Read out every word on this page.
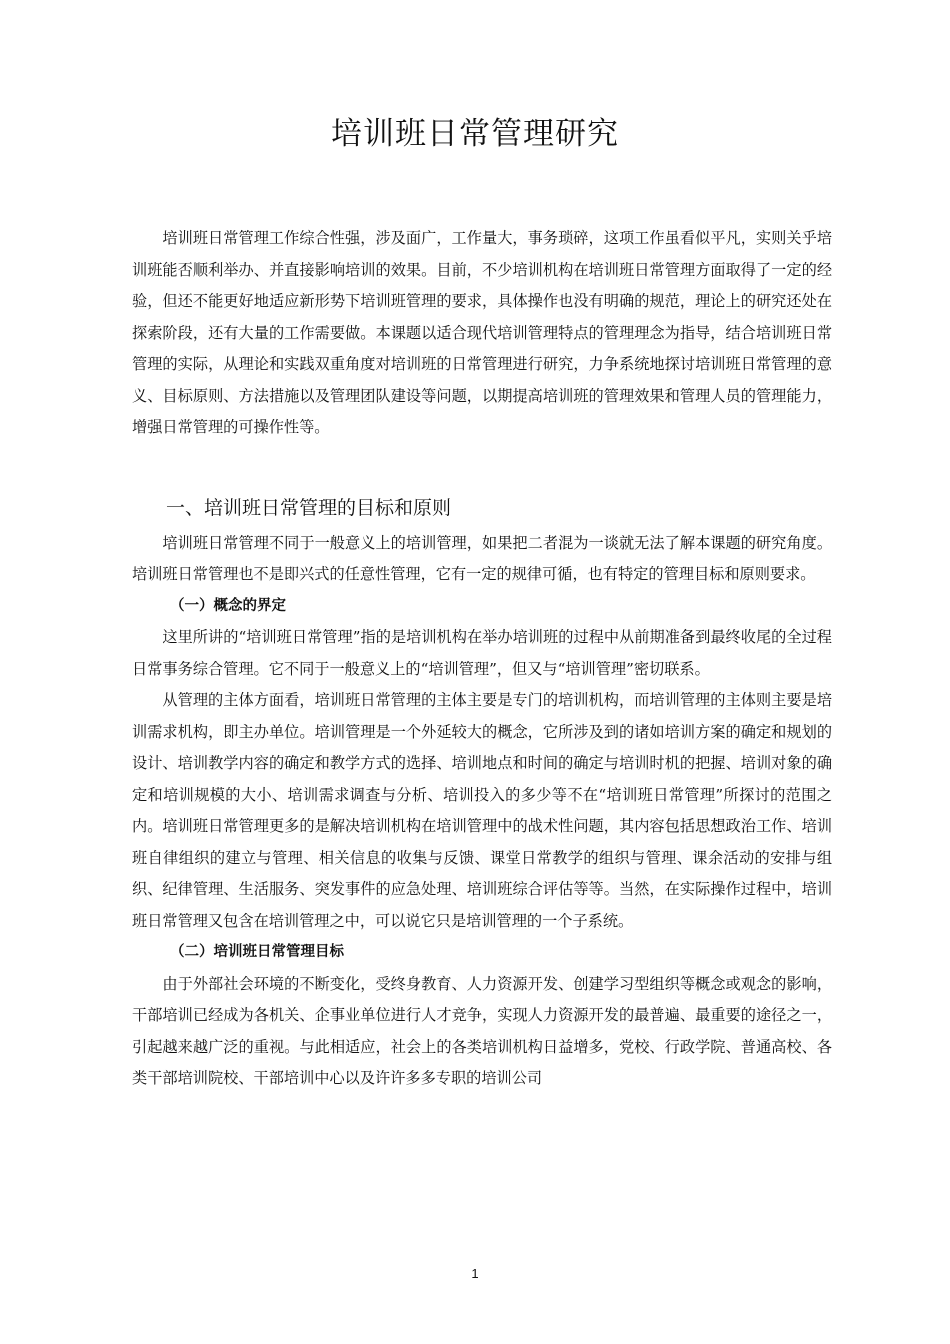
培训班日常管理研究

培训班日常管理工作综合性强，涉及面广，工作量大，事务琐碎，这项工作虽看似平凡，实则关乎培训班能否顺利举办、并直接影响培训的效果。目前，不少培训机构在培训班日常管理方面取得了一定的经验，但还不能更好地适应新形势下培训班管理的要求，具体操作也没有明确的规范，理论上的研究还处在探索阶段，还有大量的工作需要做。本课题以适合现代培训管理特点的管理理念为指导，结合培训班日常管理的实际，从理论和实践双重角度对培训班的日常管理进行研究，力争系统地探讨培训班日常管理的意义、目标原则、方法措施以及管理团队建设等问题，以期提高培训班的管理效果和管理人员的管理能力，增强日常管理的可操作性等。

一、培训班日常管理的目标和原则

培训班日常管理不同于一般意义上的培训管理，如果把二者混为一谈就无法了解本课题的研究角度。培训班日常管理也不是即兴式的任意性管理，它有一定的规律可循，也有特定的管理目标和原则要求。

（一）概念的界定

这里所讲的“培训班日常管理”指的是培训机构在举办培训班的过程中从前期准备到最终收尾的全过程日常事务综合管理。它不同于一般意义上的“培训管理”，但又与“培训管理”密切联系。

从管理的主体方面看，培训班日常管理的主体主要是专门的培训机构，而培训管理的主体则主要是培训需求机构，即主办单位。培训管理是一个外延较大的概念，它所涉及到的诸如培训方案的确定和规划的设计、培训教学内容的确定和教学方式的选择、培训地点和时间的确定与培训时机的把握、培训对象的确定和培训规模的大小、培训需求调查与分析、培训投入的多少等不在“培训班日常管理”所探讨的范围之内。培训班日常管理更多的是解决培训机构在培训管理中的战术性问题，其内容包括思想政治工作、培训班自律组织的建立与管理、相关信息的收集与反馈、课堂日常教学的组织与管理、课余活动的安排与组织、纪律管理、生活服务、突发事件的应急处理、培训班综合评估等等。当然，在实际操作过程中，培训班日常管理又包含在培训管理之中，可以说它只是培训管理的一个子系统。

（二）培训班日常管理目标

由于外部社会环境的不断变化，受终身教育、人力资源开发、创建学习型组织等概念或观念的影响，干部培训已经成为各机关、企事业单位进行人才竞争，实现人力资源开发的最普遍、最重要的途径之一，引起越来越广泛的重视。与此相适应，社会上的各类培训机构日益增多，党校、行政学院、普通高校、各类干部培训院校、干部培训中心以及许许多多专职的培训公司

1
